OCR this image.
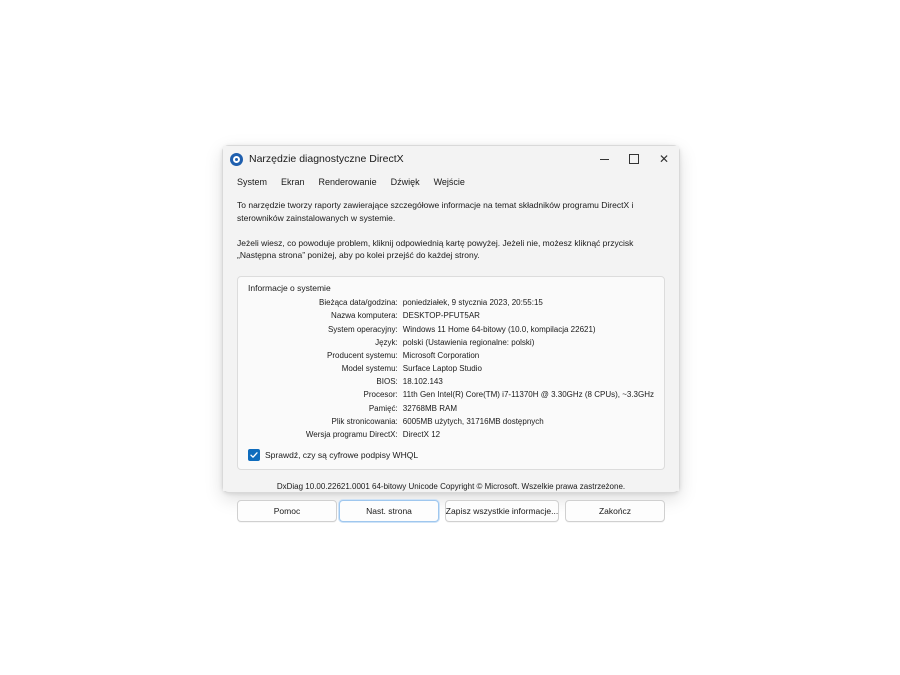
Narzędzie diagnostyczne DirectX	✕
System	Ekran	Renderowanie	Dźwięk	Wejście

To narzędzie tworzy raporty zawierające szczegółowe informacje na temat składników programu DirectX i sterowników zainstalowanych w systemie.

Jeżeli wiesz, co powoduje problem, kliknij odpowiednią kartę powyżej. Jeżeli nie, możesz kliknąć przycisk „Następna strona” poniżej, aby po kolei przejść do każdej strony.

Informacje o systemie
Bieżąca data/godzina:	poniedziałek, 9 stycznia 2023, 20:55:15
Nazwa komputera:	DESKTOP-PFUT5AR
System operacyjny:	Windows 11 Home 64-bitowy (10.0, kompilacja 22621)
Język:	polski (Ustawienia regionalne: polski)
Producent systemu:	Microsoft Corporation
Model systemu:	Surface Laptop Studio
BIOS:	18.102.143
Procesor:	11th Gen Intel(R) Core(TM) i7-11370H @ 3.30GHz (8 CPUs), ~3.3GHz
Pamięć:	32768MB RAM
Plik stronicowania:	6005MB użytych, 31716MB dostępnych
Wersja programu DirectX:	DirectX 12
Sprawdź, czy są cyfrowe podpisy WHQL
DxDiag 10.00.22621.0001 64-bitowy Unicode Copyright © Microsoft. Wszelkie prawa zastrzeżone.
Pomoc	Nast. strona	Zapisz wszystkie informacje...	Zakończ
